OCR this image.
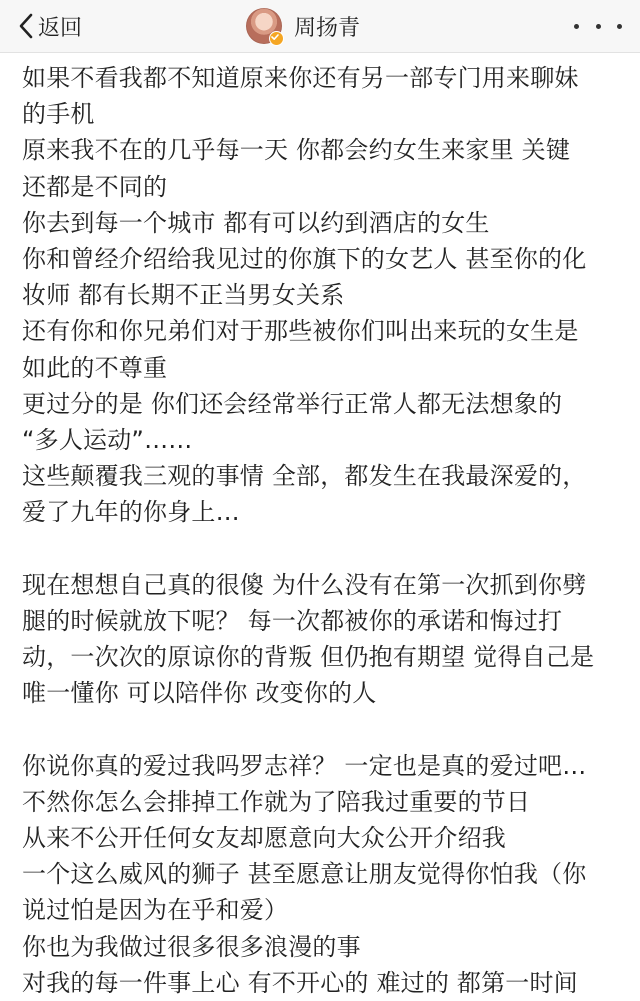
返回	周扬青
如果不看我都不知道原来你还有另一部专门用来聊妹
的手机
原来我不在的几乎每一天 你都会约女生来家里 关键
还都是不同的
你去到每一个城市 都有可以约到酒店的女生
你和曾经介绍给我见过的你旗下的女艺人 甚至你的化
妆师 都有长期不正当男女关系
还有你和你兄弟们对于那些被你们叫出来玩的女生是
如此的不尊重
更过分的是 你们还会经常举行正常人都无法想象的
“多人运动”……
这些颠覆我三观的事情 全部，都发生在我最深爱的，
爱了九年的你身上…
现在想想自己真的很傻 为什么没有在第一次抓到你劈
腿的时候就放下呢？ 每一次都被你的承诺和悔过打
动，一次次的原谅你的背叛 但仍抱有期望 觉得自己是
唯一懂你 可以陪伴你 改变你的人
你说你真的爱过我吗罗志祥？ 一定也是真的爱过吧…
不然你怎么会排掉工作就为了陪我过重要的节日
从来不公开任何女友却愿意向大众公开介绍我
一个这么威风的狮子 甚至愿意让朋友觉得你怕我（你
说过怕是因为在乎和爱）
你也为我做过很多很多浪漫的事
对我的每一件事上心 有不开心的 难过的 都第一时间
